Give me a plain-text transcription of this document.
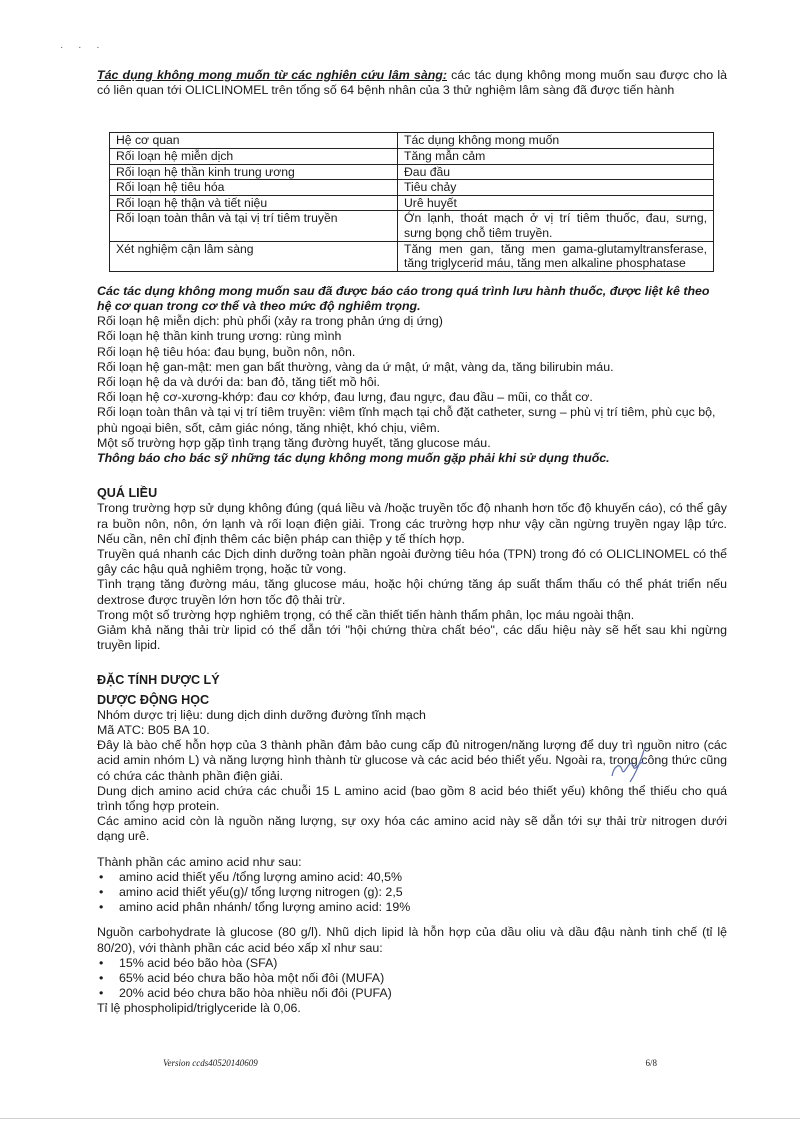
· · ·

Tác dụng không mong muốn từ các nghiên cứu lâm sàng: các tác dụng không mong muốn sau được cho là có liên quan tới OLICLINOMEL trên tổng số 64 bệnh nhân của 3 thử nghiệm lâm sàng đã được tiến hành

Hệ cơ quan	Tác dụng không mong muốn
Rối loạn hệ miễn dịch	Tăng mẫn cảm
Rối loạn hệ thần kinh trung ương	Đau đầu
Rối loạn hệ tiêu hóa	Tiêu chảy
Rối loạn hệ thận và tiết niệu	Urê huyết
Rối loạn toàn thân và tại vị trí tiêm truyền	Ớn lạnh, thoát mạch ở vị trí tiêm thuốc, đau, sưng, sưng bọng chỗ tiêm truyền.
Xét nghiệm cận lâm sàng	Tăng men gan, tăng men gama-glutamyltransferase, tăng triglycerid máu, tăng men alkaline phosphatase

Các tác dụng không mong muốn sau đã được báo cáo trong quá trình lưu hành thuốc, được liệt kê theo hệ cơ quan trong cơ thể và theo mức độ nghiêm trọng.

Rối loạn hệ miễn dịch: phù phổi (xảy ra trong phản ứng dị ứng)

Rối loạn hệ thần kinh trung ương: rùng mình

Rối loạn hệ tiêu hóa: đau bụng, buồn nôn, nôn.

Rối loạn hệ gan-mật: men gan bất thường, vàng da ứ mật, ứ mật, vàng da, tăng bilirubin máu.

Rối loạn hệ da và dưới da: ban đỏ, tăng tiết mồ hôi.

Rối loạn hệ cơ-xương-khớp: đau cơ khớp, đau lưng, đau ngực, đau đầu – mũi, co thắt cơ.

Rối loạn toàn thân và tại vị trí tiêm truyền: viêm tĩnh mạch tại chỗ đặt catheter, sưng – phù vị trí tiêm, phù cục bộ, phù ngoại biên, sốt, cảm giác nóng, tăng nhiệt, khó chịu, viêm.

Một số trường hợp gặp tình trạng tăng đường huyết, tăng glucose máu.

Thông báo cho bác sỹ những tác dụng không mong muốn gặp phải khi sử dụng thuốc.

QUÁ LIỀU

Trong trường hợp sử dụng không đúng (quá liều và /hoặc truyền tốc độ nhanh hơn tốc độ khuyến cáo), có thể gây ra buồn nôn, nôn, ớn lạnh và rối loạn điện giải. Trong các trường hợp như vậy cần ngừng truyền ngay lập tức. Nếu cần, nên chỉ định thêm các biện pháp can thiệp y tế thích hợp.

Truyền quá nhanh các Dịch dinh dưỡng toàn phần ngoài đường tiêu hóa (TPN) trong đó có OLICLINOMEL có thể gây các hậu quả nghiêm trọng, hoặc tử vong.

Tình trạng tăng đường máu, tăng glucose máu, hoặc hội chứng tăng áp suất thẩm thấu có thể phát triển nếu dextrose được truyền lớn hơn tốc độ thải trừ.

Trong một số trường hợp nghiêm trọng, có thể cần thiết tiến hành thẩm phân, lọc máu ngoài thận.

Giảm khả năng thải trừ lipid có thể dẫn tới "hội chứng thừa chất béo", các dấu hiệu này sẽ hết sau khi ngừng truyền lipid.

ĐẶC TÍNH DƯỢC LÝ

DƯỢC ĐỘNG HỌC

Nhóm dược trị liệu: dung dịch dinh dưỡng đường tĩnh mạch

Mã ATC: B05 BA 10.

Đây là bào chế hỗn hợp của 3 thành phần đảm bảo cung cấp đủ nitrogen/năng lượng để duy trì nguồn nitro (các acid amin nhóm L) và năng lượng hình thành từ glucose và các acid béo thiết yếu. Ngoài ra, trong công thức cũng có chứa các thành phần điện giải.

Dung dịch amino acid chứa các chuỗi 15 L amino acid (bao gồm 8 acid béo thiết yếu) không thể thiếu cho quá trình tổng hợp protein.

Các amino acid còn là nguồn năng lượng, sự oxy hóa các amino acid này sẽ dẫn tới sự thải trừ nitrogen dưới dạng urê.

Thành phần các amino acid như sau:

• amino acid thiết yếu /tổng lượng amino acid: 40,5%
• amino acid thiết yếu(g)/ tổng lượng nitrogen (g): 2,5
• amino acid phân nhánh/ tổng lượng amino acid: 19%

Nguồn carbohydrate là glucose (80 g/l). Nhũ dịch lipid là hỗn hợp của dầu oliu và dầu đậu nành tinh chế (tỉ lệ 80/20), với thành phần các acid béo xấp xỉ như sau:

• 15% acid béo bão hòa (SFA)
• 65% acid béo chưa bão hòa một nối đôi (MUFA)
• 20% acid béo chưa bão hòa nhiều nối đôi (PUFA)

Tỉ lệ phospholipid/triglyceride là 0,06.

Version ccds40520140609	6/8
